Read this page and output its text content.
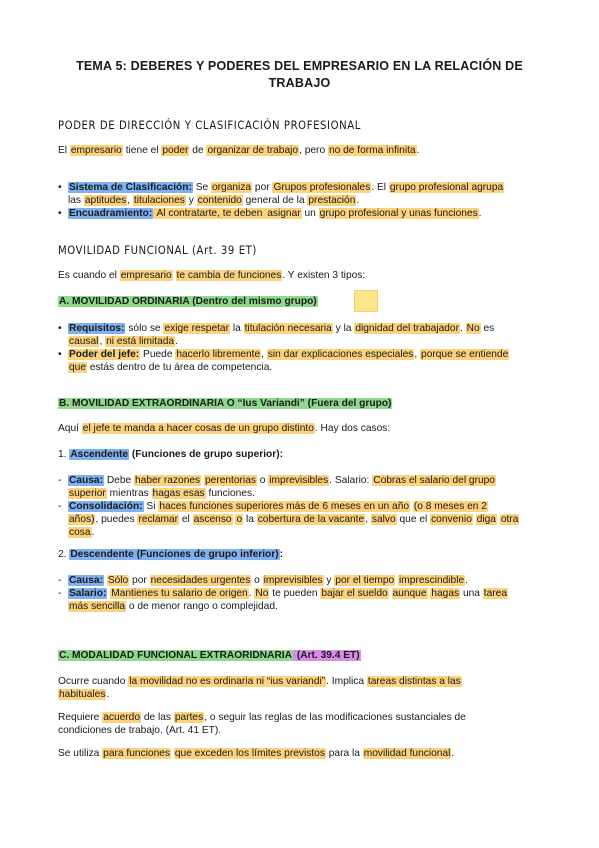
TEMA 5: DEBERES Y PODERES DEL EMPRESARIO EN LA RELACIÓN DE
TRABAJO
PODER DE DIRECCIÓN Y CLASIFICACIÓN PROFESIONAL
El empresario tiene el poder de organizar de trabajo, pero no de forma infinita.
• Sistema de Clasificación: Se organiza por Grupos profesionales. El grupo profesional agrupa
las aptitudes, titulaciones y contenido general de la prestación.
• Encuadramiento: Al contratarte, te deben asignar un grupo profesional y unas funciones.
MOVILIDAD FUNCIONAL (Art. 39 ET)
Es cuando el empresario te cambia de funciones. Y existen 3 tipos:
A. MOVILIDAD ORDINARIA (Dentro del mismo grupo)
• Requisitos: sólo se exige respetar la titulación necesaria y la dignidad del trabajador. No es
causal, ni está limitada.
• Poder del jefe: Puede hacerlo libremente, sin dar explicaciones especiales, porque se entiende
que estás dentro de tu área de competencia.
B. MOVILIDAD EXTRAORDINARIA O “Ius Variandi” (Fuera del grupo)
Aquí el jefe te manda a hacer cosas de un grupo distinto. Hay dos casos:
1. Ascendente (Funciones de grupo superior):
- Causa: Debe haber razones perentorias o imprevisibles. Salario: Cobras el salario del grupo
superior mientras hagas esas funciones.
- Consolidación: Si haces funciones superiores más de 6 meses en un año (o 8 meses en 2
años), puedes reclamar el ascenso o la cobertura de la vacante, salvo que el convenio diga otra
cosa.
2. Descendente (Funciones de grupo inferior):
- Causa: Sólo por necesidades urgentes o imprevisibles y por el tiempo imprescindible.
- Salario: Mantienes tu salario de origen. No te pueden bajar el sueldo aunque hagas una tarea
más sencilla o de menor rango o complejidad.
C. MODALIDAD FUNCIONAL EXTRAORIDNARIA (Art. 39.4 ET)
Ocurre cuando la movilidad no es ordinaria ni “ius variandi”. Implica tareas distintas a las
habituales.
Requiere acuerdo de las partes, o seguir las reglas de las modificaciones sustanciales de
condiciones de trabajo. (Art. 41 ET).
Se utiliza para funciones que exceden los límites previstos para la movilidad funcional.
